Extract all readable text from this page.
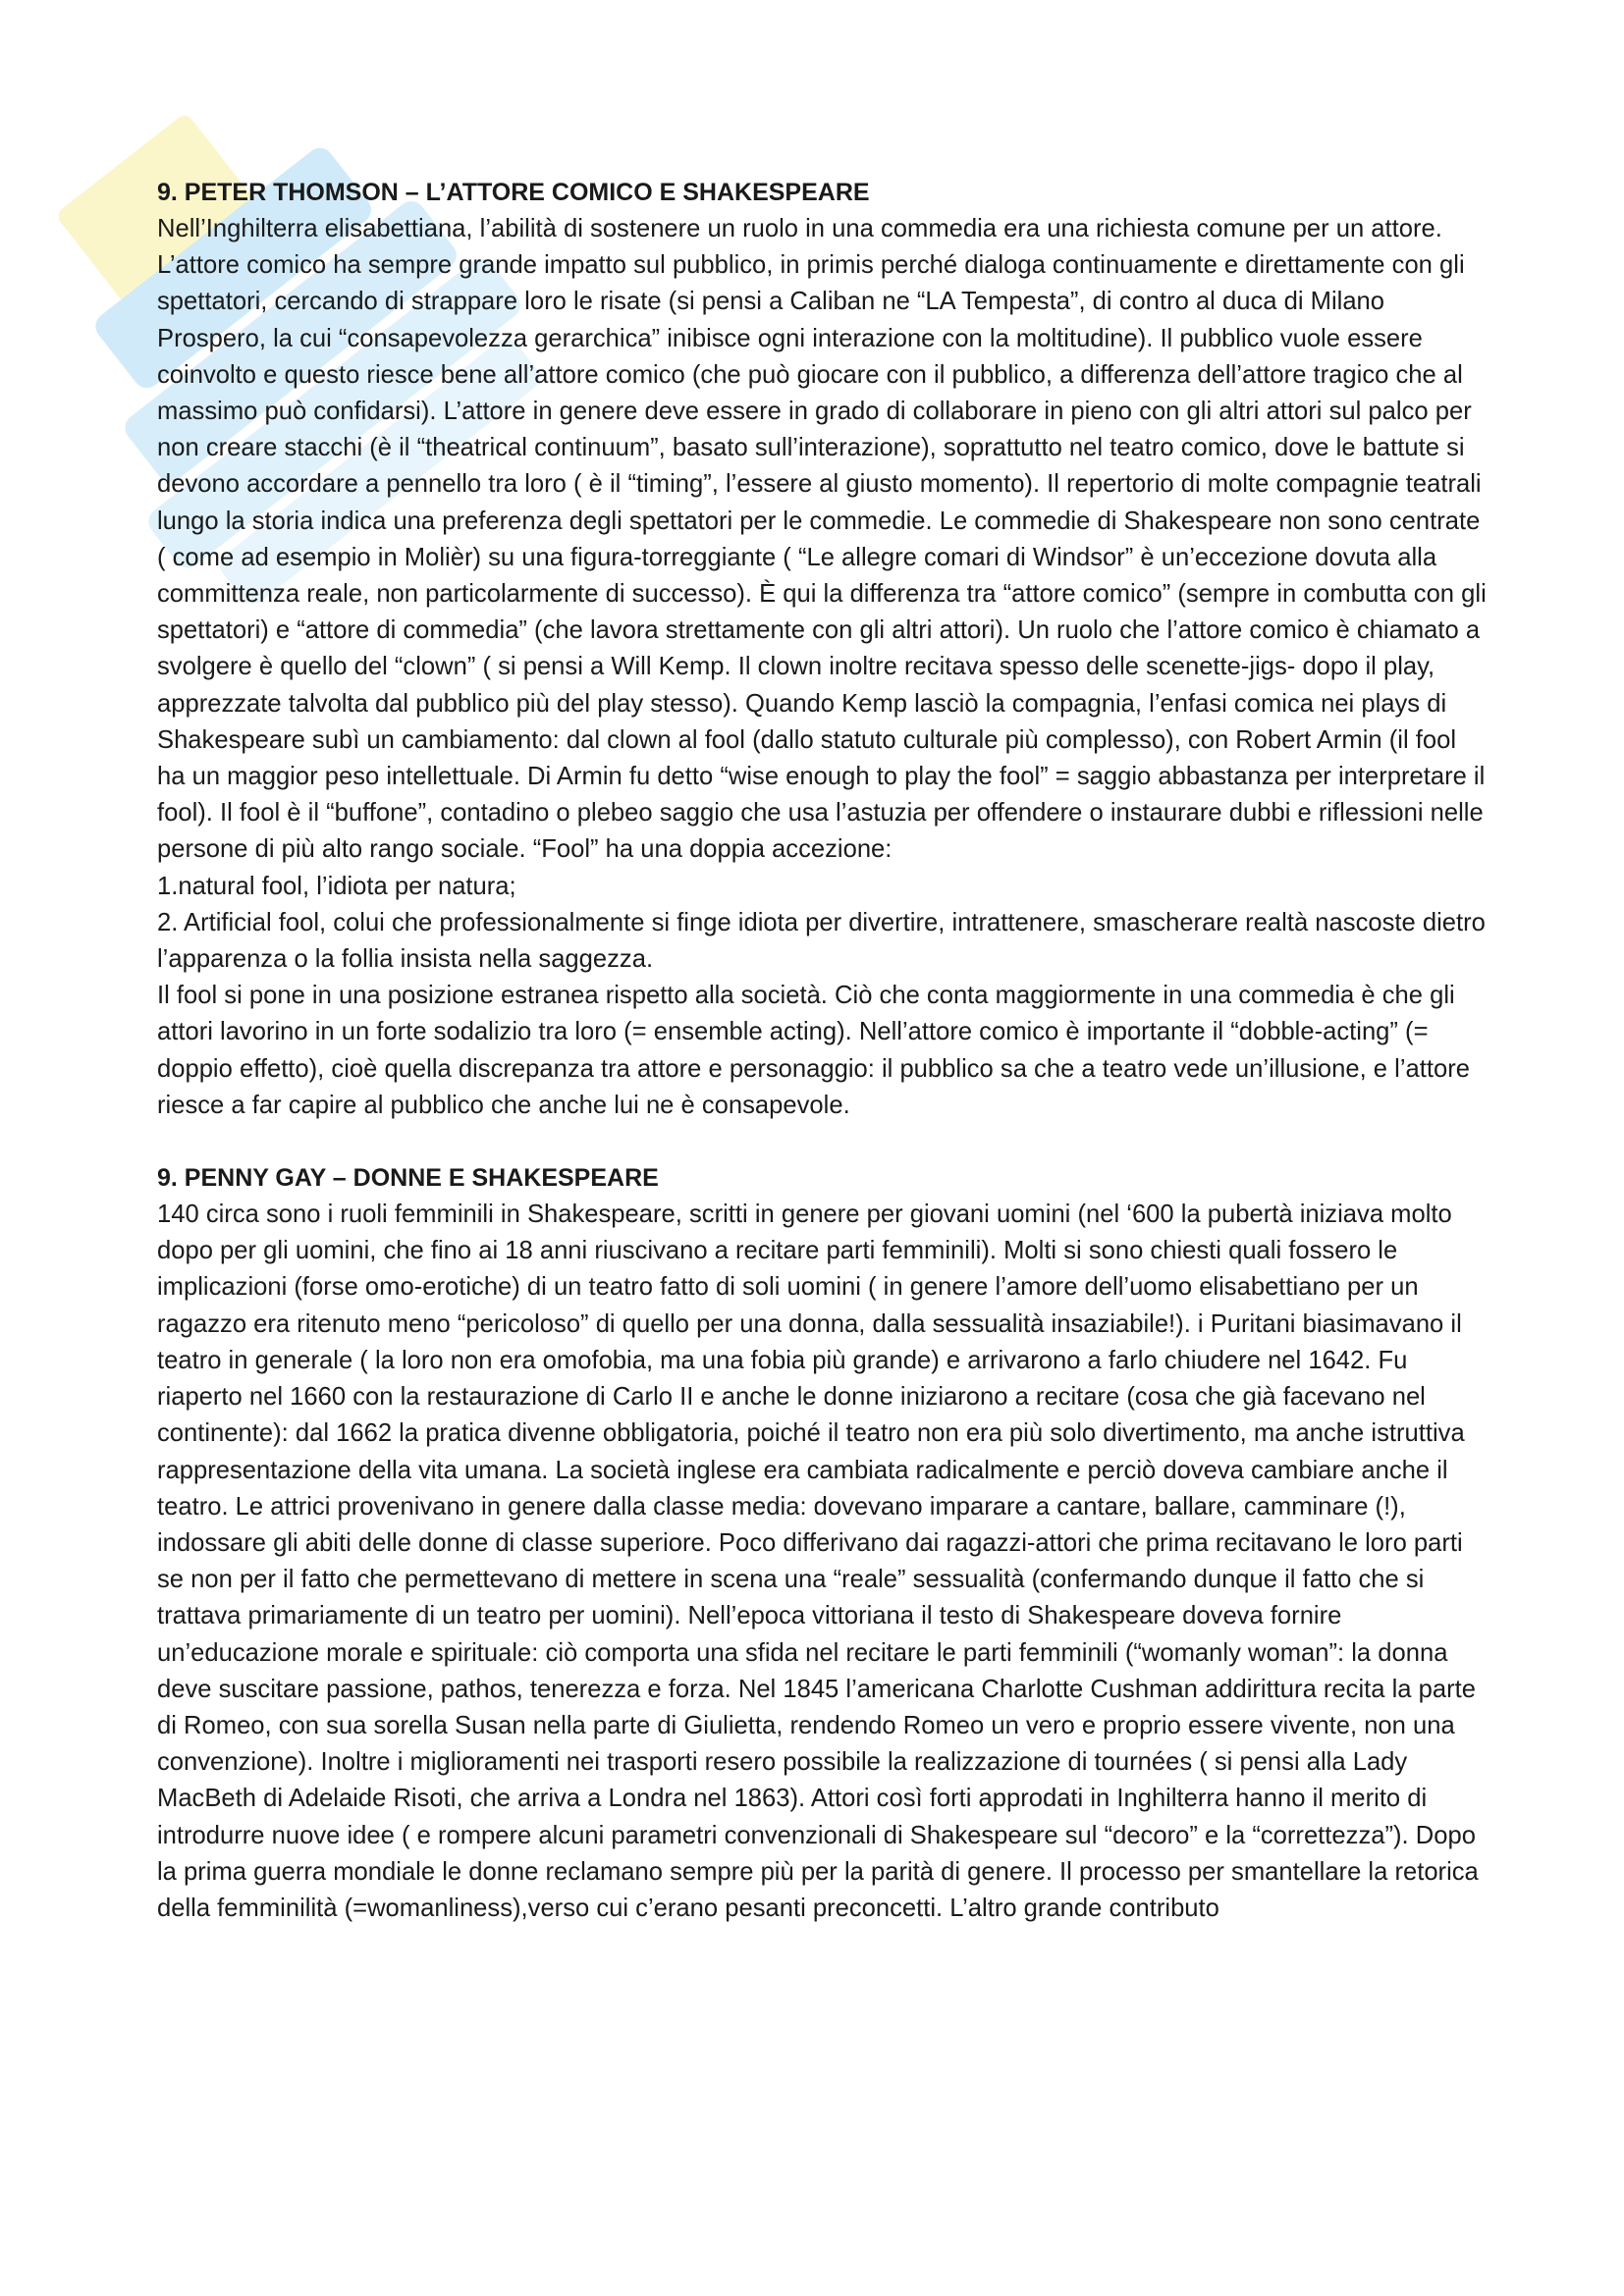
9. PETER THOMSON – L’ATTORE COMICO E SHAKESPEARE

Nell’Inghilterra elisabettiana, l’abilità di sostenere un ruolo in una commedia era una richiesta comune per un attore. L’attore comico ha sempre grande impatto sul pubblico, in primis perché dialoga continuamente e direttamente con gli spettatori, cercando di strappare loro le risate (si pensi a Caliban ne “LA Tempesta”, di contro al duca di Milano Prospero, la cui “consapevolezza gerarchica” inibisce ogni interazione con la moltitudine). Il pubblico vuole essere coinvolto e questo riesce bene all’attore comico (che può giocare con il pubblico, a differenza dell’attore tragico che al massimo può confidarsi). L’attore in genere deve essere in grado di collaborare in pieno con gli altri attori sul palco per non creare stacchi (è il “theatrical continuum”, basato sull’interazione), soprattutto nel teatro comico, dove le battute si devono accordare a pennello tra loro ( è il “timing”, l’essere al giusto momento). Il repertorio di molte compagnie teatrali lungo la storia indica una preferenza degli spettatori per le commedie. Le commedie di Shakespeare non sono centrate ( come ad esempio in Molièr) su una figura-torreggiante ( “Le allegre comari di Windsor” è un’eccezione dovuta alla committenza reale, non particolarmente di successo). È qui la differenza tra “attore comico” (sempre in combutta con gli spettatori) e “attore di commedia” (che lavora strettamente con gli altri attori). Un ruolo che l’attore comico è chiamato a svolgere è quello del “clown” ( si pensi a Will Kemp. Il clown inoltre recitava spesso delle scenette-jigs- dopo il play, apprezzate talvolta dal pubblico più del play stesso). Quando Kemp lasciò la compagnia, l’enfasi comica nei plays di Shakespeare subì un cambiamento: dal clown al fool (dallo statuto culturale più complesso), con Robert Armin (il fool ha un maggior peso intellettuale. Di Armin fu detto “wise enough to play the fool” = saggio abbastanza per interpretare il fool). Il fool è il “buffone”, contadino o plebeo saggio che usa l’astuzia per offendere o instaurare dubbi e riflessioni nelle persone di più alto rango sociale. “Fool” ha una doppia accezione:

1.natural fool, l’idiota per natura;

2. Artificial fool, colui che professionalmente si finge idiota per divertire, intrattenere, smascherare realtà nascoste dietro l’apparenza o la follia insista nella saggezza.

Il fool si pone in una posizione estranea rispetto alla società. Ciò che conta maggiormente in una commedia è che gli attori lavorino in un forte sodalizio tra loro (= ensemble acting). Nell’attore comico è importante il “dobble-acting” (= doppio effetto), cioè quella discrepanza tra attore e personaggio: il pubblico sa che a teatro vede un’illusione, e l’attore riesce a far capire al pubblico che anche lui ne è consapevole.

9. PENNY GAY – DONNE E SHAKESPEARE

140 circa sono i ruoli femminili in Shakespeare, scritti in genere per giovani uomini (nel ‘600 la pubertà iniziava molto dopo per gli uomini, che fino ai 18 anni riuscivano a recitare parti femminili). Molti si sono chiesti quali fossero le implicazioni (forse omo-erotiche) di un teatro fatto di soli uomini ( in genere l’amore dell’uomo elisabettiano per un ragazzo era ritenuto meno “pericoloso” di quello per una donna, dalla sessualità insaziabile!). i Puritani biasimavano il teatro in generale ( la loro non era omofobia, ma una fobia più grande) e arrivarono a farlo chiudere nel 1642. Fu riaperto nel 1660 con la restaurazione di Carlo II e anche le donne iniziarono a recitare (cosa che già facevano nel continente): dal 1662 la pratica divenne obbligatoria, poiché il teatro non era più solo divertimento, ma anche istruttiva rappresentazione della vita umana. La società inglese era cambiata radicalmente e perciò doveva cambiare anche il teatro. Le attrici provenivano in genere dalla classe media: dovevano imparare a cantare, ballare, camminare (!), indossare gli abiti delle donne di classe superiore. Poco differivano dai ragazzi-attori che prima recitavano le loro parti se non per il fatto che permettevano di mettere in scena una “reale” sessualità (confermando dunque il fatto che si trattava primariamente di un teatro per uomini). Nell’epoca vittoriana il testo di Shakespeare doveva fornire un’educazione morale e spirituale: ciò comporta una sfida nel recitare le parti femminili (“womanly woman”: la donna deve suscitare passione, pathos, tenerezza e forza. Nel 1845 l’americana Charlotte Cushman addirittura recita la parte di Romeo, con sua sorella Susan nella parte di Giulietta, rendendo Romeo un vero e proprio essere vivente, non una convenzione). Inoltre i miglioramenti nei trasporti resero possibile la realizzazione di tournées ( si pensi alla Lady MacBeth di Adelaide Risoti, che arriva a Londra nel 1863). Attori così forti approdati in Inghilterra hanno il merito di introdurre nuove idee ( e rompere alcuni parametri convenzionali di Shakespeare sul “decoro” e la “correttezza”). Dopo la prima guerra mondiale le donne reclamano sempre più per la parità di genere. Il processo per smantellare la retorica della femminilità (=womanliness),verso cui c’erano pesanti preconcetti. L’altro grande contributo
